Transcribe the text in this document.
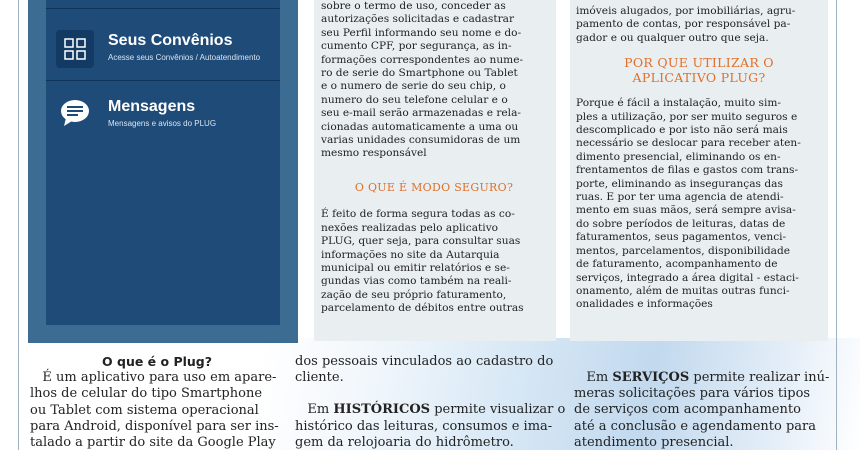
Seus Convênios
Acesse seus Convênios / Autoatendimento
Mensagens
Mensagens e avisos do PLUG
sobre o termo de uso, conceder as
autorizações solicitadas e cadastrar
seu Perfil informando seu nome e do-
cumento CPF, por segurança, as in-
formações correspondentes ao nume-
ro de serie do Smartphone ou Tablet
e o numero de serie do seu chip, o
numero do seu telefone celular e o
seu e-mail serão armazenadas e rela-
cionadas automaticamente a uma ou
varias unidades consumidoras de um
mesmo responsável
O QUE É MODO SEGURO?
É feito de forma segura todas as co-
nexões realizadas pelo aplicativo
PLUG, quer seja, para consultar suas
informações no site da Autarquia
municipal ou emitir relatórios e se-
gundas vias como também na reali-
zação de seu próprio faturamento,
parcelamento de débitos entre outras
imóveis alugados, por imobiliárias, agru-
pamento de contas, por responsável pa-
gador e ou qualquer outro que seja.
POR QUE UTILIZAR O
APLICATIVO PLUG?
Porque é fácil a instalação, muito sim-
ples a utilização, por ser muito seguros e
descomplicado e por isto não será mais
necessário se deslocar para receber aten-
dimento presencial, eliminando os en-
frentamentos de filas e gastos com trans-
porte, eliminando as inseguranças das
ruas. E por ter uma agencia de atendi-
mento em suas mãos, será sempre avisa-
do sobre períodos de leituras, datas de
faturamentos, seus pagamentos, venci-
mentos, parcelamentos, disponibilidade
de faturamento, acompanhamento de
serviços, integrado a área digital - estaci-
onamento, além de muitas outras funci-
onalidades e informações
O que é o Plug?
É um aplicativo para uso em apare-
lhos de celular do tipo Smartphone
ou Tablet com sistema operacional
para Android, disponível para ser ins-
talado a partir do site da Google Play
dos pessoais vinculados ao cadastro do
cliente.
Em HISTÓRICOS permite visualizar o
histórico das leituras, consumos e ima-
gem da relojoaria do hidrômetro.
Em SERVIÇOS permite realizar inú-
meras solicitações para vários tipos
de serviços com acompanhamento
até a conclusão e agendamento para
atendimento presencial.
